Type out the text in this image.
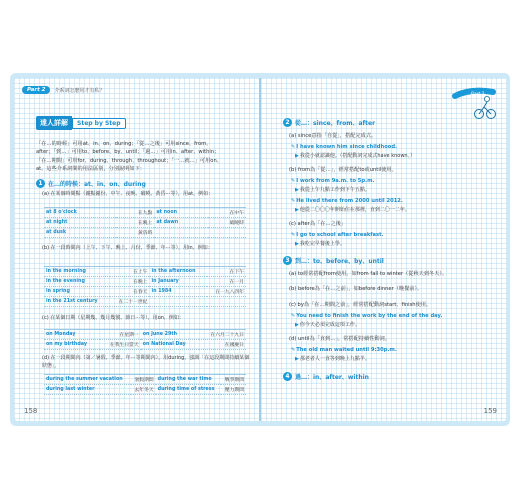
Part 2	介系詞怎麼用才有私？
達人詳解	Step by Step
「在…的時候」可用at、in、on、during；「從…之後」可用since、from、
after；「到…」可用to、before、by、until；「過…」可用in、after、within；
「在…期間」可用for、during、through、throughout；「一…就…」可用on、
at。這些介系詞間的用法區別，分別說明如下：
1 在…的時候：at、in、on、during
(a) 在某個時間點（鐘點鐘份、中午、夜晚、破曉、黃昏⋯等），用at，例如：
at 8 o'clock	在九點	at noon	在中午
at night	在晚上	at dawn	破曉時
at dusk	黃昏時		
(b) 在一段時間內（上午、下午、晚上、月份、季節、年⋯等），用in，例如：
in the morning	在上午	in the afternoon	在下午
in the evening	在晚上	in January	在一月
in spring	在春天	in 1984	在一九八四年
in the 21st century	在二十一世紀		
(c) 在某個日期（星期幾、幾月幾號、節日⋯等），用on，例如：
on Monday	在星期一	on June 29th	在六月二十九日
on my birthday	在我生日當天	on National Day	在國慶日
(d) 在一段期間內（第／暑假、季節、年⋯等期間內），用during，強調「在這段期間持續某個狀態」。
during the summer vacation	暑假期間	during the war time	戰爭期間
during last winter	去年冬天	during time of stress	壓力期間
158
Part 2
2 從…：since、from、after
(a) since意指「自從」，搭配完成式。
✎I have known him since childhood.
▶我從小就認識他。（搭配動詞完成式have known。）
(b) from為「從…」，經常搭配to或until使用。
✎I work from 9a.m. to 5p.m.
▶我從上午九點工作到下午五點。
✎He lived there from 2000 until 2012.
▶他從二〇〇〇年開始住在那裡，直到二〇一二年。
(c) after為「在…之後」
✎I go to school after breakfast.
▶我吃完早餐後上學。
3 到…：to、before、by、until
(a) to經常搭配from使用，如from fall to winter（從秋天到冬天）。
(b) before為「在…之前」，如before dinner（晚餐前）。
(c) by為「在…期間之前」，經常搭配動詞start、finish使用。
✎You need to finish the work by the end of the day.
▶你今天必須完成這項工作。
(d) until為「直到…」，常搭配持續性動詞。
✎The old man waited until 9:30p.m.
▶那老者人一直等到晚上九點半。
4 過…：in、after、within
159
